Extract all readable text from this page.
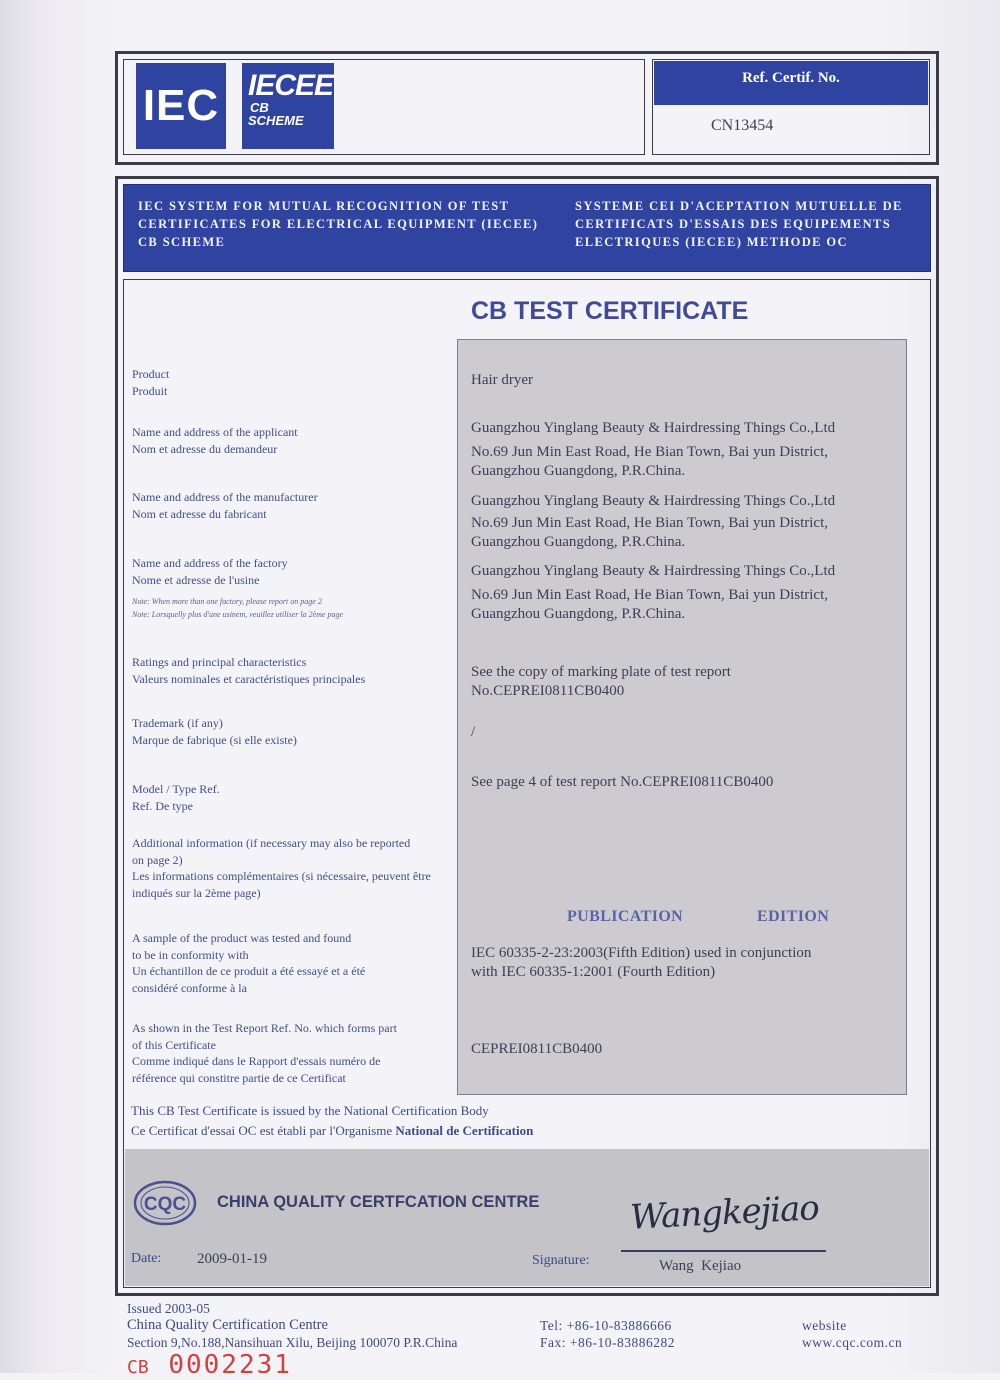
IEC IECEE
CB
SCHEME
Ref. Certif. No.
CN13454
IEC SYSTEM FOR MUTUAL RECOGNITION OF TEST
CERTIFICATES FOR ELECTRICAL EQUIPMENT (IECEE)
CB SCHEME
SYSTEME CEI D'ACEPTATION MUTUELLE DE
CERTIFICATS D'ESSAIS DES EQUIPEMENTS
ELECTRIQUES (IECEE) METHODE OC
CB TEST CERTIFICATE
Product
Produit
Name and address of the applicant
Nom et adresse du demandeur
Name and address of the manufacturer
Nom et adresse du fabricant
Name and address of the factory
Nome et adresse de l'usine
Note: When more than one factory, please report on page 2
Note: Lorsquelly plus d'une usinem, veuillez utiliser la 2ème page
Ratings and principal characteristics
Valeurs nominales et caractéristiques principales
Trademark (if any)
Marque de fabrique (si elle existe)
Model / Type Ref.
Ref. De type
Additional information (if necessary may also be reported
on page 2)
Les informations complémentaires (si nécessaire, peuvent être
indiqués sur la 2ème page)
A sample of the product was tested and found
to be in conformity with
Un échantillon de ce produit a été essayé et a été
considéré conforme à la
As shown in the Test Report Ref. No. which forms part
of this Certificate
Comme indiqué dans le Rapport d'essais numéro de
référence qui constitre partie de ce Certificat
Hair dryer
Guangzhou Yinglang Beauty & Hairdressing Things Co.,Ltd
No.69 Jun Min East Road, He Bian Town, Bai yun District,
Guangzhou Guangdong, P.R.China.
Guangzhou Yinglang Beauty & Hairdressing Things Co.,Ltd
No.69 Jun Min East Road, He Bian Town, Bai yun District,
Guangzhou Guangdong, P.R.China.
Guangzhou Yinglang Beauty & Hairdressing Things Co.,Ltd
No.69 Jun Min East Road, He Bian Town, Bai yun District,
Guangzhou Guangdong, P.R.China.
See the copy of marking plate of test report
No.CEPREI0811CB0400
/
See page 4 of test report No.CEPREI0811CB0400
PUBLICATION	EDITION
IEC 60335-2-23:2003(Fifth Edition) used in conjunction
with IEC 60335-1:2001 (Fourth Edition)
CEPREI0811CB0400
This CB Test Certificate is issued by the National Certification Body
Ce Certificat d'essai OC est établi par l'Organisme National de Certification
CQC CHINA QUALITY CERTFCATION CENTRE
Date: 2009-01-19	Signature:
Wangkejiao
Wang  Kejiao
Issued 2003-05
China Quality Certification Centre
Section 9,No.188,Nansihuan Xilu, Beijing 100070 P.R.China
Tel: +86-10-83886666
Fax: +86-10-83886282
website
www.cqc.com.cn
CB 0002231
